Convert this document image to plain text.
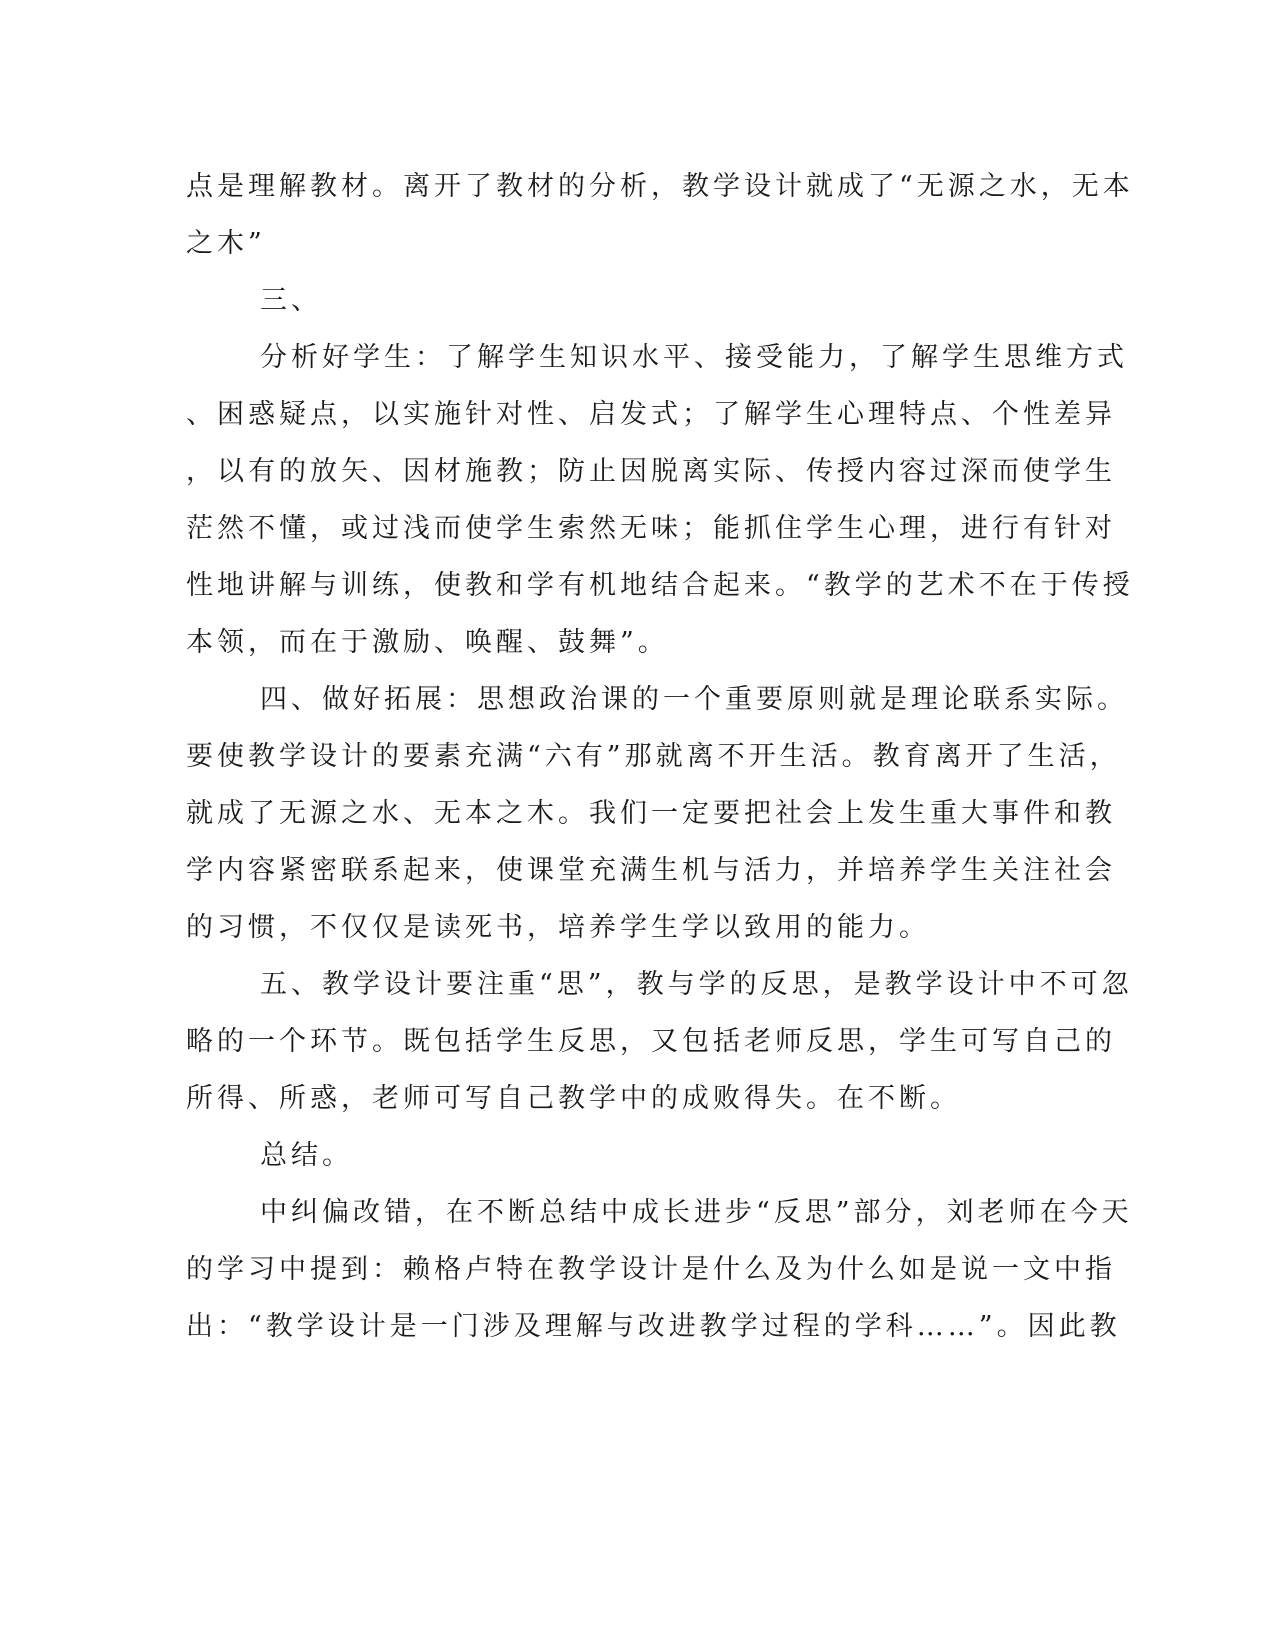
点是理解教材。离开了教材的分析，教学设计就成了“无源之水，无本
之木”
三、
分析好学生：了解学生知识水平、接受能力，了解学生思维方式
、困惑疑点，以实施针对性、启发式；了解学生心理特点、个性差异
，以有的放矢、因材施教；防止因脱离实际、传授内容过深而使学生
茫然不懂，或过浅而使学生索然无味；能抓住学生心理，进行有针对
性地讲解与训练，使教和学有机地结合起来。“教学的艺术不在于传授
本领，而在于激励、唤醒、鼓舞”。
四、做好拓展：思想政治课的一个重要原则就是理论联系实际。
要使教学设计的要素充满“六有”那就离不开生活。教育离开了生活，
就成了无源之水、无本之木。我们一定要把社会上发生重大事件和教
学内容紧密联系起来，使课堂充满生机与活力，并培养学生关注社会
的习惯，不仅仅是读死书，培养学生学以致用的能力。
五、教学设计要注重“思”，教与学的反思，是教学设计中不可忽
略的一个环节。既包括学生反思，又包括老师反思，学生可写自己的
所得、所惑，老师可写自己教学中的成败得失。在不断。
总结。
中纠偏改错，在不断总结中成长进步“反思”部分，刘老师在今天
的学习中提到：赖格卢特在教学设计是什么及为什么如是说一文中指
出：“教学设计是一门涉及理解与改进教学过程的学科……”。因此教
